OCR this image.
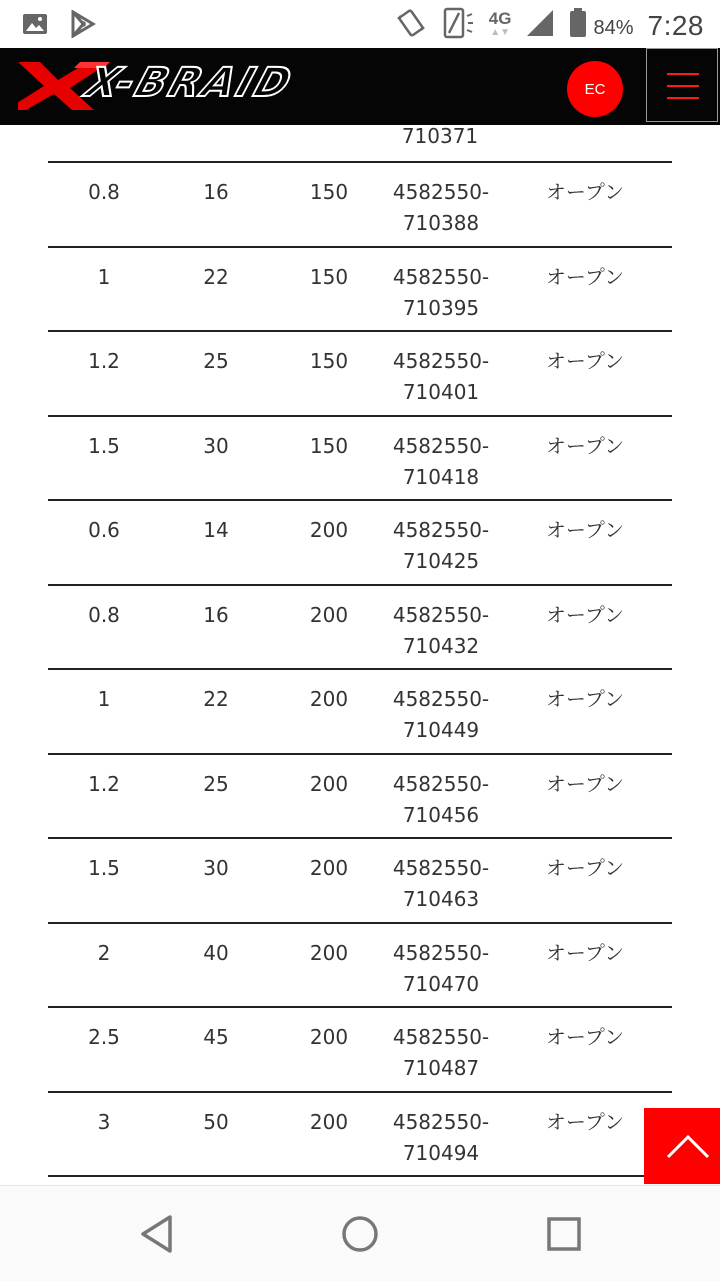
4G
▲▼	84% 7:28
X-BRAID	EC
710371
0.8	16	150	4582550-
710388
オープン
1	22	150	4582550-
710395
オープン
1.2	25	150	4582550-
710401
オープン
1.5	30	150	4582550-
710418
オープン
0.6	14	200	4582550-
710425
オープン
0.8	16	200	4582550-
710432
オープン
1	22	200	4582550-
710449
オープン
1.2	25	200	4582550-
710456
オープン
1.5	30	200	4582550-
710463
オープン
2	40	200	4582550-
710470
オープン
2.5	45	200	4582550-
710487
オープン
3	50	200	4582550-
710494
オープン
